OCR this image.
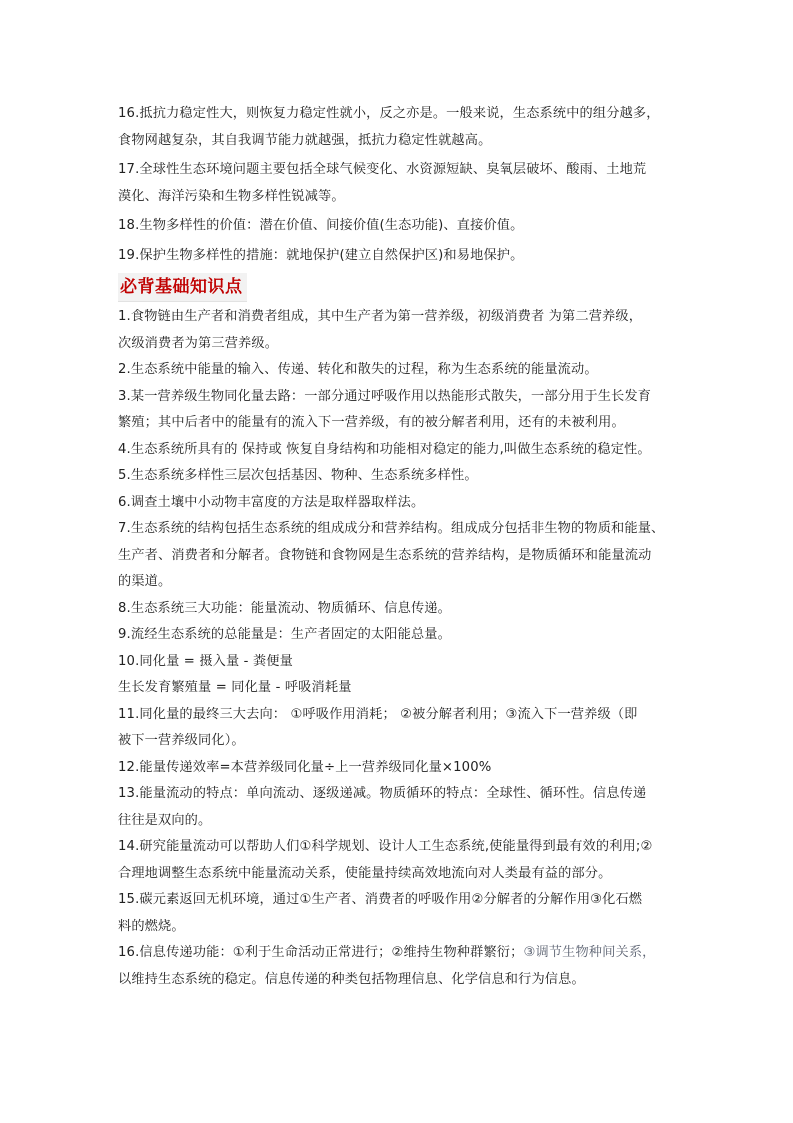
16.抵抗力稳定性大，则恢复力稳定性就小，反之亦是。一般来说，生态系统中的组分越多，

食物网越复杂，其自我调节能力就越强，抵抗力稳定性就越高。

17.全球性生态环境问题主要包括全球气候变化、水资源短缺、臭氧层破坏、酸雨、土地荒

漠化、海洋污染和生物多样性锐减等。

18.生物多样性的价值：潜在价值、间接价值(生态功能)、直接价值。

19.保护生物多样性的措施：就地保护(建立自然保护区)和易地保护。

必背基础知识点

1.食物链由生产者和消费者组成，其中生产者为第一营养级，初级消费者 为第二营养级，

次级消费者为第三营养级。

2.生态系统中能量的输入、传递、转化和散失的过程，称为生态系统的能量流动。

3.某一营养级生物同化量去路：一部分通过呼吸作用以热能形式散失，一部分用于生长发育

繁殖；其中后者中的能量有的流入下一营养级，有的被分解者利用，还有的未被利用。

4.生态系统所具有的 保持或 恢复自身结构和功能相对稳定的能力,叫做生态系统的稳定性。

5.生态系统多样性三层次包括基因、物种、生态系统多样性。

6.调查土壤中小动物丰富度的方法是取样器取样法。

7.生态系统的结构包括生态系统的组成成分和营养结构。组成成分包括非生物的物质和能量、

生产者、消费者和分解者。食物链和食物网是生态系统的营养结构，是物质循环和能量流动

的渠道。

8.生态系统三大功能：能量流动、物质循环、信息传递。

9.流经生态系统的总能量是：生产者固定的太阳能总量。

10.同化量 = 摄入量 - 粪便量

生长发育繁殖量 = 同化量 - 呼吸消耗量

11.同化量的最终三大去向： ①呼吸作用消耗； ②被分解者利用；③流入下一营养级（即

被下一营养级同化）。

12.能量传递效率=本营养级同化量÷上一营养级同化量×100%

13.能量流动的特点：单向流动、逐级递减。物质循环的特点：全球性、循环性。信息传递

往往是双向的。

14.研究能量流动可以帮助人们①科学规划、设计人工生态系统,使能量得到最有效的利用;②

合理地调整生态系统中能量流动关系，使能量持续高效地流向对人类最有益的部分。

15.碳元素返回无机环境，通过①生产者、消费者的呼吸作用②分解者的分解作用③化石燃

料的燃烧。

16.信息传递功能：①利于生命活动正常进行；②维持生物种群繁衍；③调节生物种间关系，

以维持生态系统的稳定。信息传递的种类包括物理信息、化学信息和行为信息。
